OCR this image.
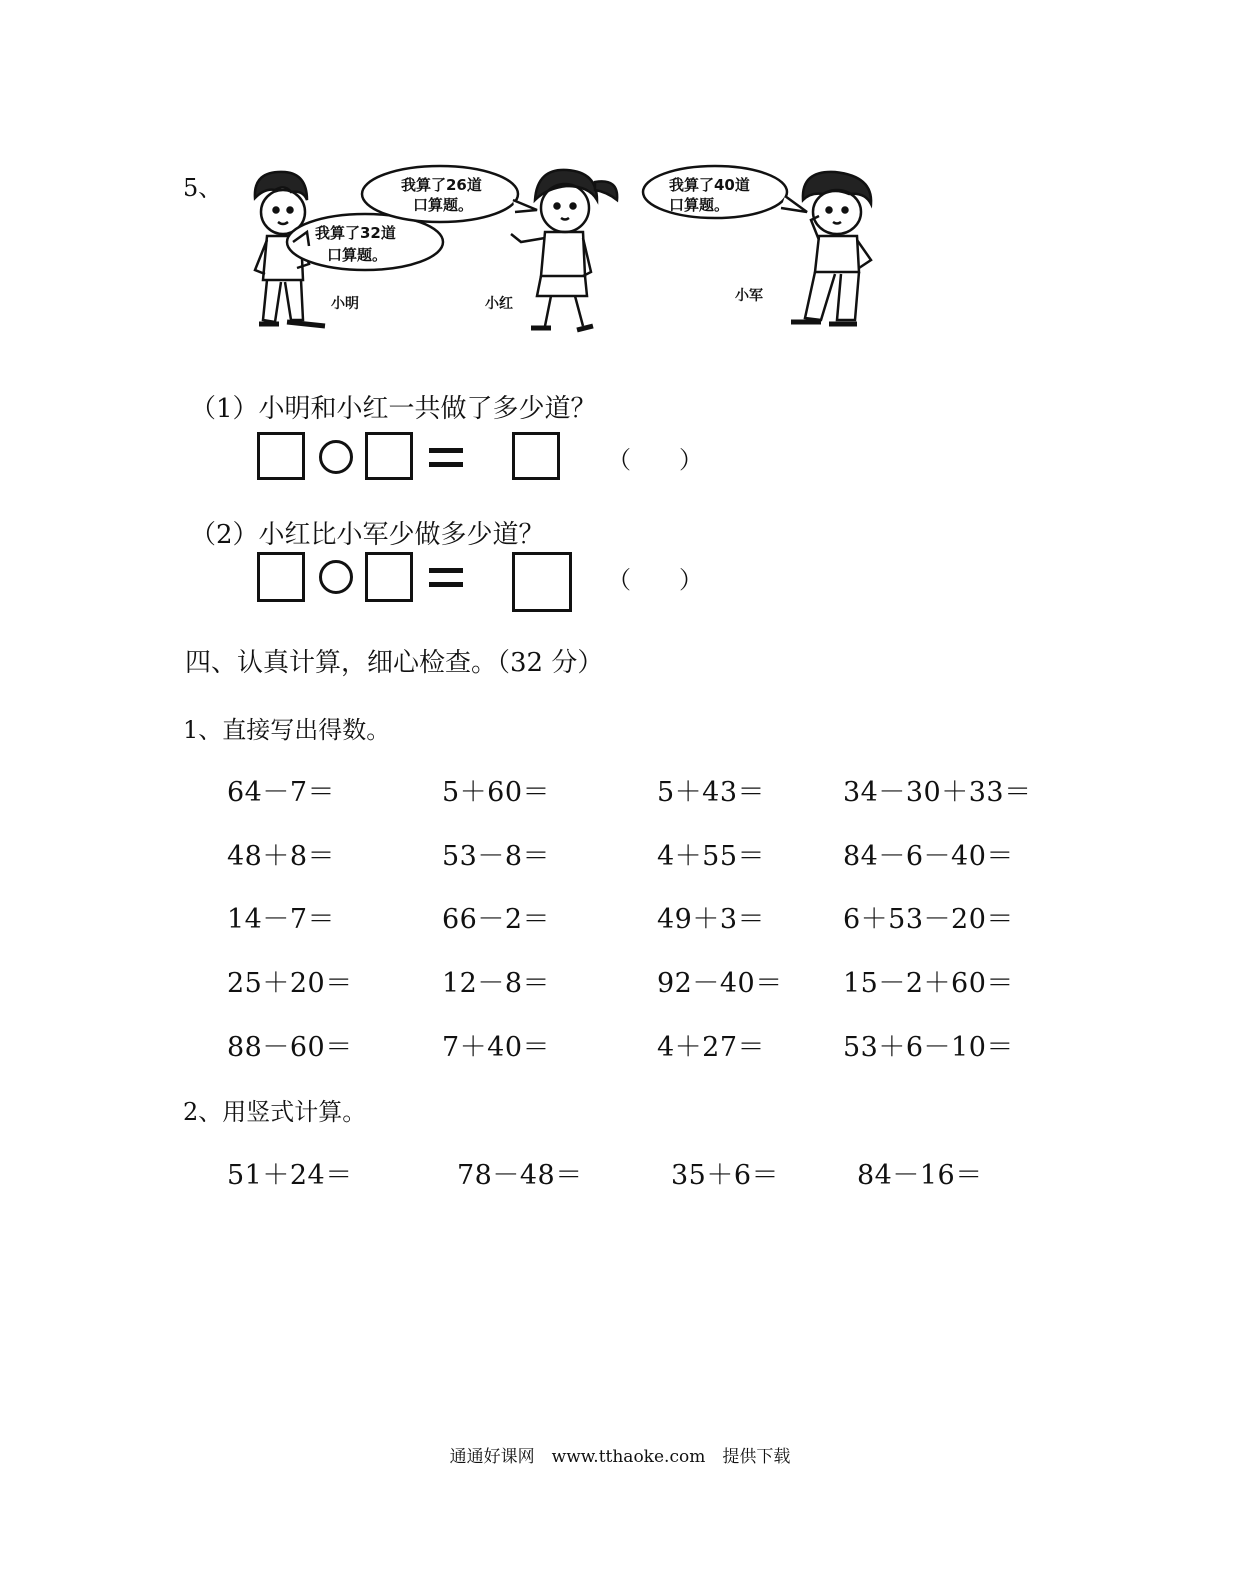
5、
我算了32道
口算题。
我算了26道
口算题。
我算了40道
口算题。
小明	小红	小军
（1）小明和小红一共做了多少道？
（　　）
（2）小红比小军少做多少道？
（　　）
四、认真计算，细心检查。（32 分）
1、直接写出得数。
64－7＝	5＋60＝	5＋43＝	34－30＋33＝
48＋8＝	53－8＝	4＋55＝	84－6－40＝
14－7＝	66－2＝	49＋3＝	6＋53－20＝
25＋20＝	12－8＝	92－40＝ 15－2＋60＝
88－60＝	7＋40＝	4＋27＝	53＋6－10＝
2、用竖式计算。
51＋24＝	78－48＝	35＋6＝	84－16＝
通通好课网　www.tthaoke.com　提供下载
